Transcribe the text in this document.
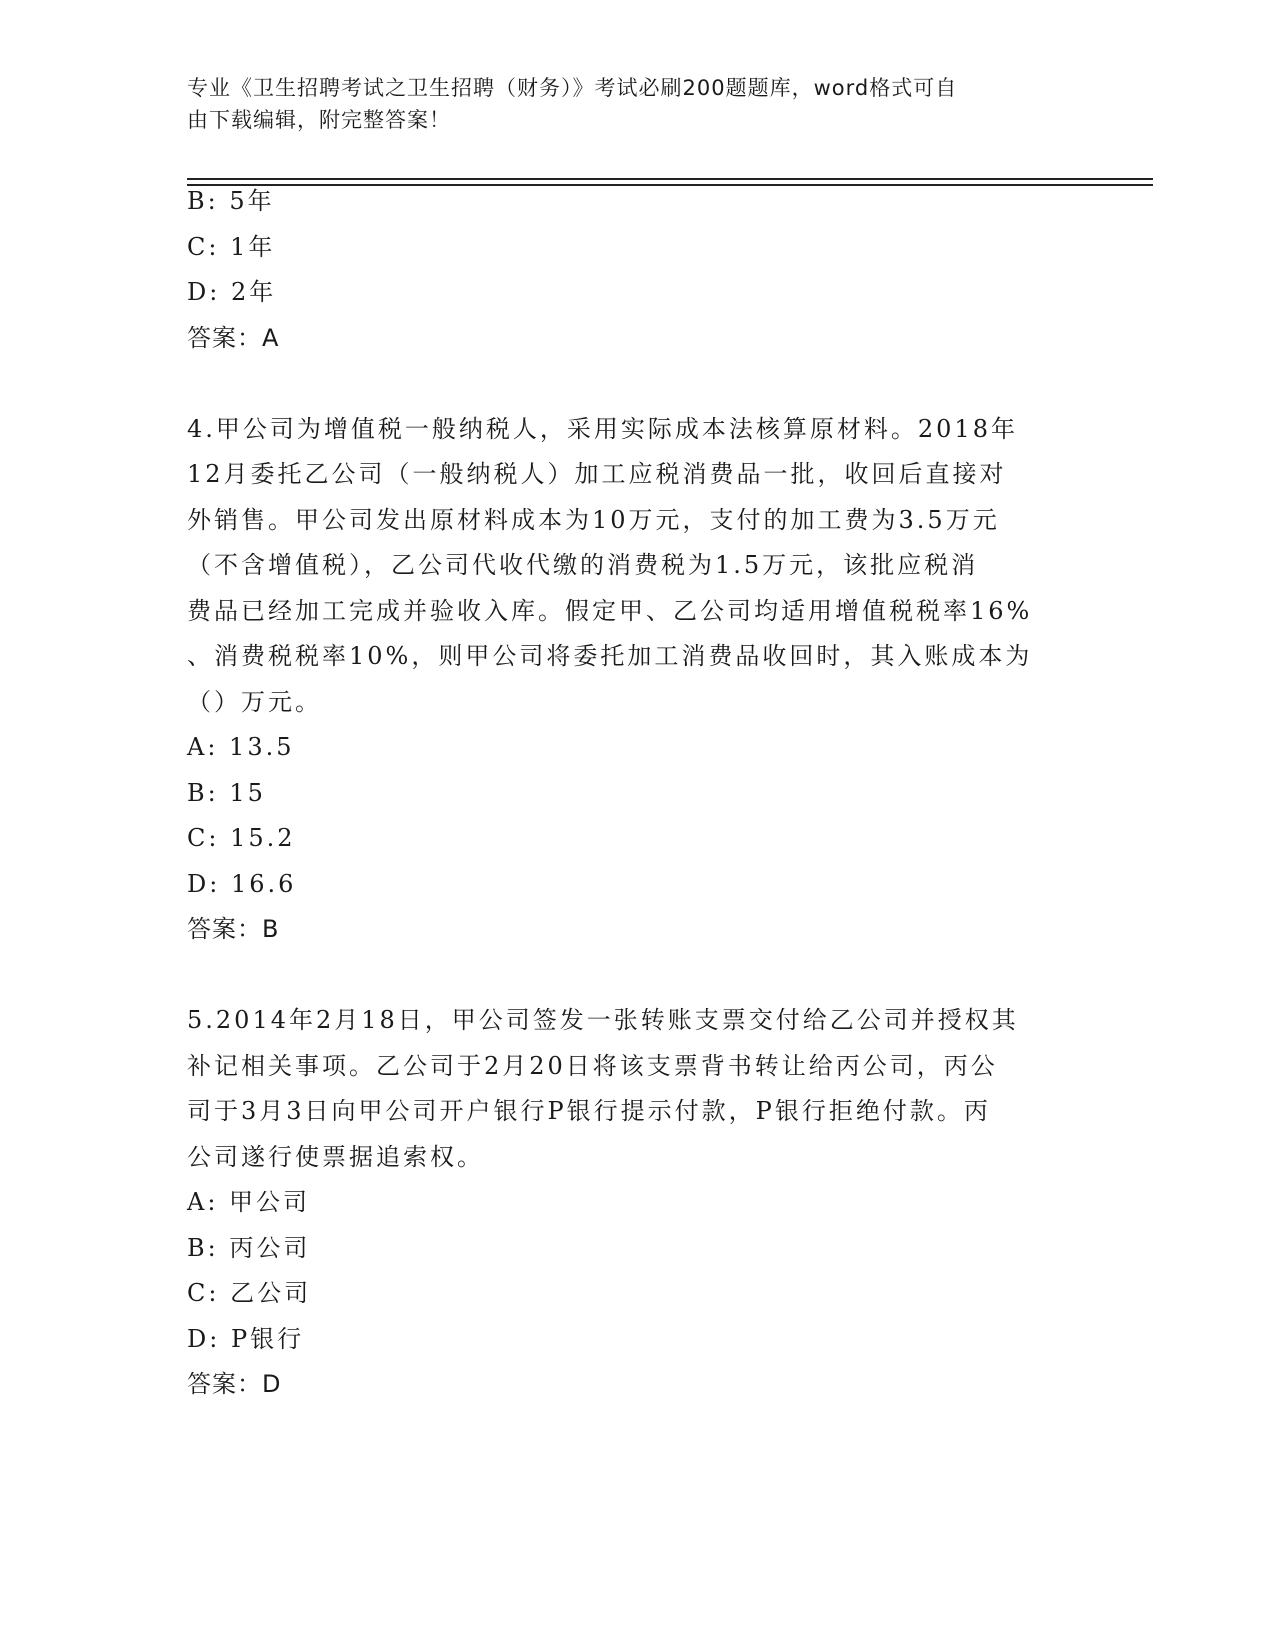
专业《卫生招聘考试之卫生招聘（财务）》考试必刷200题题库，word格式可自
由下载编辑，附完整答案！
B: 5年
C: 1年
D: 2年
答案：A
4.甲公司为增值税一般纳税人，采用实际成本法核算原材料。2018年
12月委托乙公司（一般纳税人）加工应税消费品一批，收回后直接对
外销售。甲公司发出原材料成本为10万元，支付的加工费为3.5万元
（不含增值税），乙公司代收代缴的消费税为1.5万元，该批应税消
费品已经加工完成并验收入库。假定甲、乙公司均适用增值税税率16%
、消费税税率10%，则甲公司将委托加工消费品收回时，其入账成本为
（）万元。
A: 13.5
B: 15
C: 15.2
D: 16.6
答案：B
5.2014年2月18日，甲公司签发一张转账支票交付给乙公司并授权其
补记相关事项。乙公司于2月20日将该支票背书转让给丙公司，丙公
司于3月3日向甲公司开户银行P银行提示付款，P银行拒绝付款。丙
公司遂行使票据追索权。
A: 甲公司
B: 丙公司
C: 乙公司
D: P银行
答案：D
